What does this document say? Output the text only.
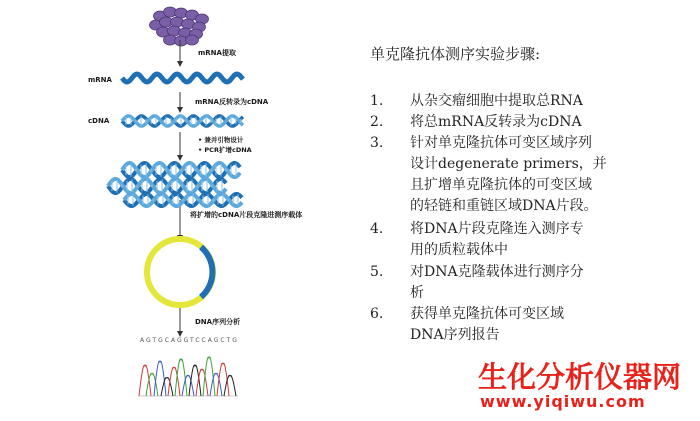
mRNA提取
mRNA
mRNA反转录为cDNA
cDNA
• 兼并引物设计
• PCR扩增cDNA
将扩增的cDNA片段克隆进测序载体
DNA序列分析
AGTGCAGGTCCAGCTG
单克隆抗体测序实验步骤:
1.	从杂交瘤细胞中提取总RNA
2.	将总mRNA反转录为cDNA
3.	针对单克隆抗体可变区域序列
设计degenerate primers，并
且扩增单克隆抗体的可变区域
的轻链和重链区域DNA片段。
4.	将DNA片段克隆连入测序专
用的质粒载体中
5.	对DNA克隆载体进行测序分
析
6.	获得单克隆抗体可变区域
DNA序列报告
生化分析仪器网
www.yiqiwu.com
